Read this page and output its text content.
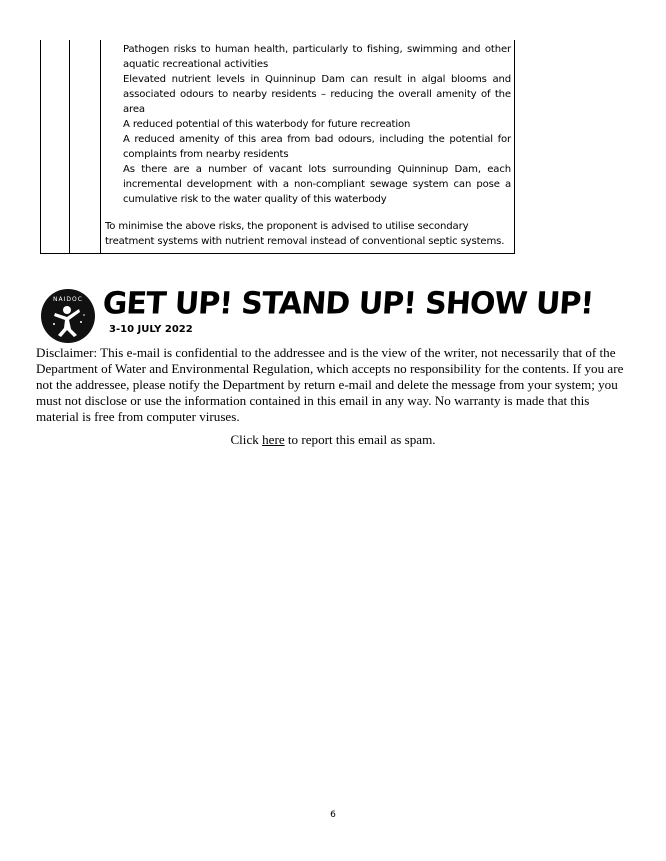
Pathogen risks to human health, particularly to fishing, swimming and other aquatic recreational activities
Elevated nutrient levels in Quinninup Dam can result in algal blooms and associated odours to nearby residents – reducing the overall amenity of the area
A reduced potential of this waterbody for future recreation
A reduced amenity of this area from bad odours, including the potential for complaints from nearby residents
As there are a number of vacant lots surrounding Quinninup Dam, each incremental development with a non-compliant sewage system can pose a cumulative risk to the water quality of this waterbody
To minimise the above risks, the proponent is advised to utilise secondary treatment systems with nutrient removal instead of conventional septic systems.
NAIDOC GET UP! STAND UP! SHOW UP!
3-10 JULY 2022
Disclaimer: This e-mail is confidential to the addressee and is the view of the writer, not necessarily that of the Department of Water and Environmental Regulation, which accepts no responsibility for the contents. If you are not the addressee, please notify the Department by return e-mail and delete the message from your system; you must not disclose or use the information contained in this email in any way. No warranty is made that this material is free from computer viruses.
Click here to report this email as spam.
6
